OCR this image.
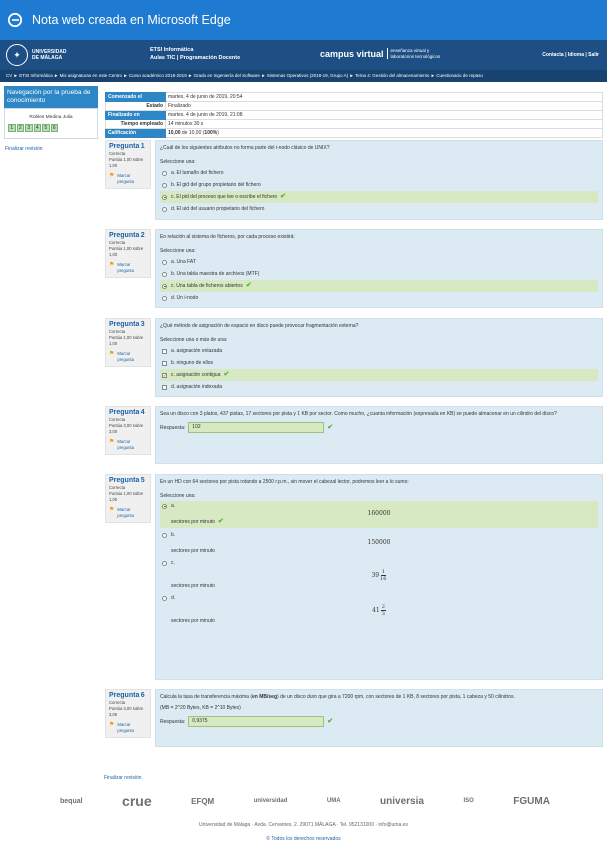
Nota web creada en Microsoft Edge
✦	UNIVERSIDAD
DE MÁLAGA
ETSI Informática
Aulas TIC | Programación Docente	campus virtual	enseñanza virtual y
laboratorios tecnológicos	Contacta | Idioma | Salir
CV ► ETSI Informática ► Mis asignaturas en este Centro ► Curso académico 2018-2019 ► Grado en Ingeniería del Software ► Sistemas Operativos (2018-19, Grupo A) ► Tema 4: Gestión del almacenamiento ► Cuestionario de repaso
Navegación por la prueba de conocimiento
Robles Medina Julia
1	2	3	4	5	6
Finalizar revisión
Comenzado el	martes, 4 de junio de 2019, 20:54
Estado	Finalizado
Finalizado en	martes, 4 de junio de 2019, 21:08
Tiempo empleado	14 minutos 30 s
Calificación	10,00 de 10,00 (100%)
Pregunta 1
Correcta
Puntúa 1,00 sobre 1,00
⚑ Marcar pregunta
¿Cuál de los siguientes atributos no forma parte del i-nodo clásico de UNIX?
Seleccione una:
a. El tamaño del fichero
b. El gid del grupo propietario del fichero
c. El pid del proceso que lee o escribe el fichero ✔
d. El uid del usuario propietario del fichero
Pregunta 2
Correcta
Puntúa 1,00 sobre 1,00
⚑ Marcar pregunta
En relación al sistema de ficheros, por cada proceso existirá:
Seleccione una:
a. Una FAT
b. Una tabla maestra de archivos (MTF)
c. Una tabla de ficheros abiertos ✔
d. Un i-nodo
Pregunta 3
Correcta
Puntúa 1,00 sobre 1,00
⚑ Marcar pregunta
¿Qué método de asignación de espacio en disco puede provocar fragmentación externa?
Seleccione una o más de una:
a. asignación enlazada
b. ninguno de ellos
✓ c. asignación contigua ✔
d. asignación indexada
Pregunta 4
Correcta
Puntúa 3,00 sobre 3,00
⚑ Marcar pregunta
Sea un disco con 3 platos, 437 pistas, 17 sectores por pista y 1 KB por sector. Como mucho, ¿cuanta información (expresada en KB) se puede almacenar en un cilindro del disco?
Respuesta:	102	✔
Pregunta 5
Correcta
Puntúa 1,00 sobre 1,00
⚑ Marcar pregunta
En un HD con 64 sectores por pista rotando a 2500 r.p.m., sin mover el cabezal lector, podremos leer a lo sumo:
Seleccione una:
a.
160000
sectores por minuto ✔
b.
150000
sectores por minuto
c.
$39 \frac{1}{16}$
sectores por minuto
d.
$41 \frac{2}{3}$
sectores por minuto
Pregunta 6
Correcta
Puntúa 3,00 sobre 3,00
⚑ Marcar pregunta
Calcula la tasa de transferencia máxima (en MB/seg) de un disco duro que gira a 7200 rpm, con sectores de 1 KB, 8 sectores por pista, 1 cabeza y 50 cilindros.
(MB = 2^20 Bytes, KB = 2^10 Bytes)
Respuesta:	0,9375	✔
Finalizar revisión
bequal	crue	EFQM	universidad	UMA	universia	ISO	FGUMA
Universidad de Málaga · Avda. Cervantes, 2. 29071 MÁLAGA · Tel. 952131000 · info@uma.es
© Todos los derechos reservados
